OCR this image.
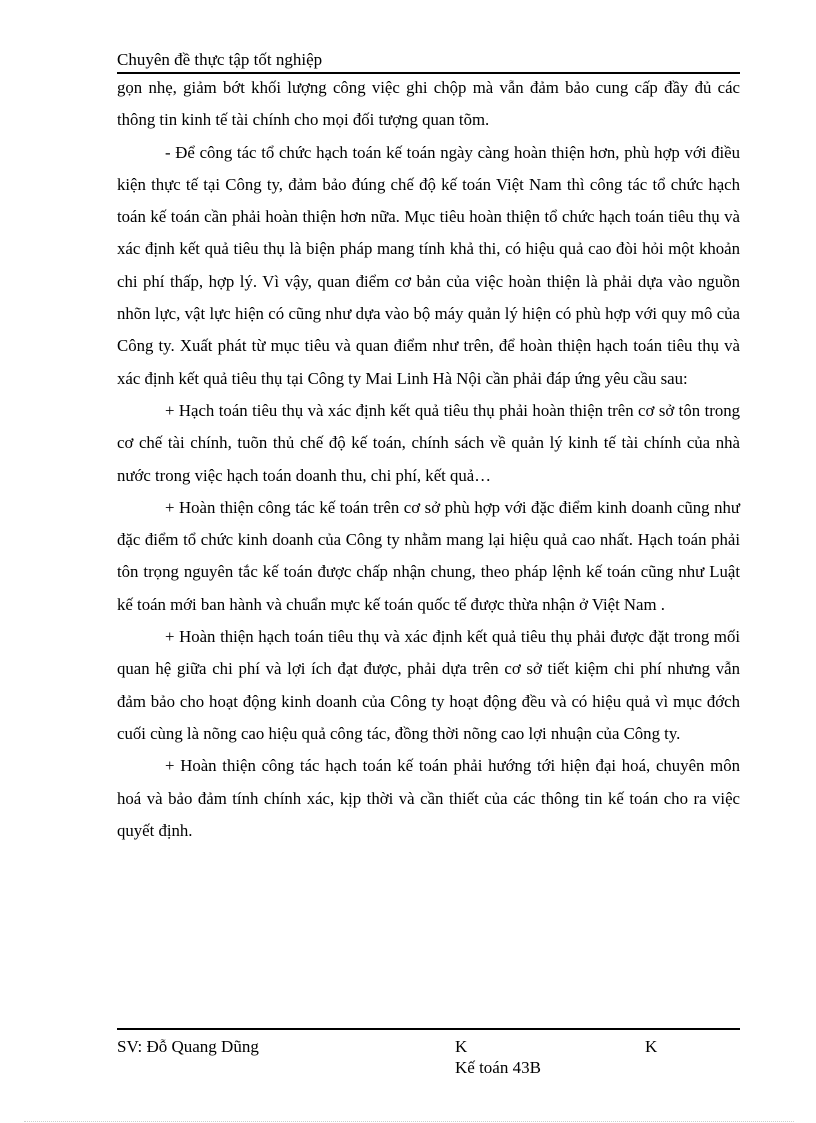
Chuyên đề thực tập tốt nghiệp

gọn nhẹ, giảm bớt khối lượng công việc ghi chộp mà vẫn đảm bảo cung cấp đầy đủ các thông tin kinh tế tài chính cho mọi đối tượng quan tõm.

- Để công tác tổ chức hạch toán kế toán ngày càng hoàn thiện hơn, phù hợp với điều kiện thực tế tại Công ty, đảm bảo đúng chế độ kế toán Việt Nam thì công tác tổ chức hạch toán kế toán cần phải hoàn thiện hơn nữa. Mục tiêu hoàn thiện tổ chức hạch toán tiêu thụ và xác định kết quả tiêu thụ là biện pháp mang tính khả thi, có hiệu quả cao đòi hỏi một khoản chi phí thấp, hợp lý. Vì vậy, quan điểm cơ bản của việc hoàn thiện là phải dựa vào nguồn nhõn lực, vật lực hiện có cũng như dựa vào bộ máy quản lý hiện có phù hợp với quy mô của Công ty. Xuất phát từ mục tiêu và quan điểm như trên, để hoàn thiện hạch toán tiêu thụ và xác định kết quả tiêu thụ tại Công ty Mai Linh Hà Nội cần phải đáp ứng yêu cầu sau:

+ Hạch toán tiêu thụ và xác định kết quả tiêu thụ phải hoàn thiện trên cơ sở tôn trong cơ chế tài chính, tuõn thủ chế độ kế toán, chính sách về quản lý kinh tế tài chính của nhà nước trong việc hạch toán doanh thu, chi phí, kết quả…

+ Hoàn thiện công tác kế toán trên cơ sở phù hợp với đặc điểm kinh doanh cũng như đặc điểm tổ chức kinh doanh của Công ty nhằm mang lại hiệu quả cao nhất. Hạch toán phải tôn trọng nguyên tắc kế toán được chấp nhận chung, theo pháp lệnh kế toán cũng như Luật kế toán mới ban hành và chuẩn mực kế toán quốc tế được thừa nhận ở Việt Nam .

+ Hoàn thiện hạch toán tiêu thụ và xác định kết quả tiêu thụ phải được đặt trong mối quan hệ giữa chi phí và lợi ích đạt được, phải dựa trên cơ sở tiết kiệm chi phí nhưng vẫn đảm bảo cho hoạt động kinh doanh của Công ty hoạt động đều và có hiệu quả vì mục đớch cuối cùng là nõng cao hiệu quả công tác, đồng thời nõng cao lợi nhuận của Công ty.

+ Hoàn thiện công tác hạch toán kế toán phải hướng tới hiện đại hoá, chuyên môn hoá và bảo đảm tính chính xác, kịp thời và cần thiết của các thông tin kế toán cho ra việc quyết định.

SV: Đỗ Quang Dũng	K	K
Kế toán 43B
